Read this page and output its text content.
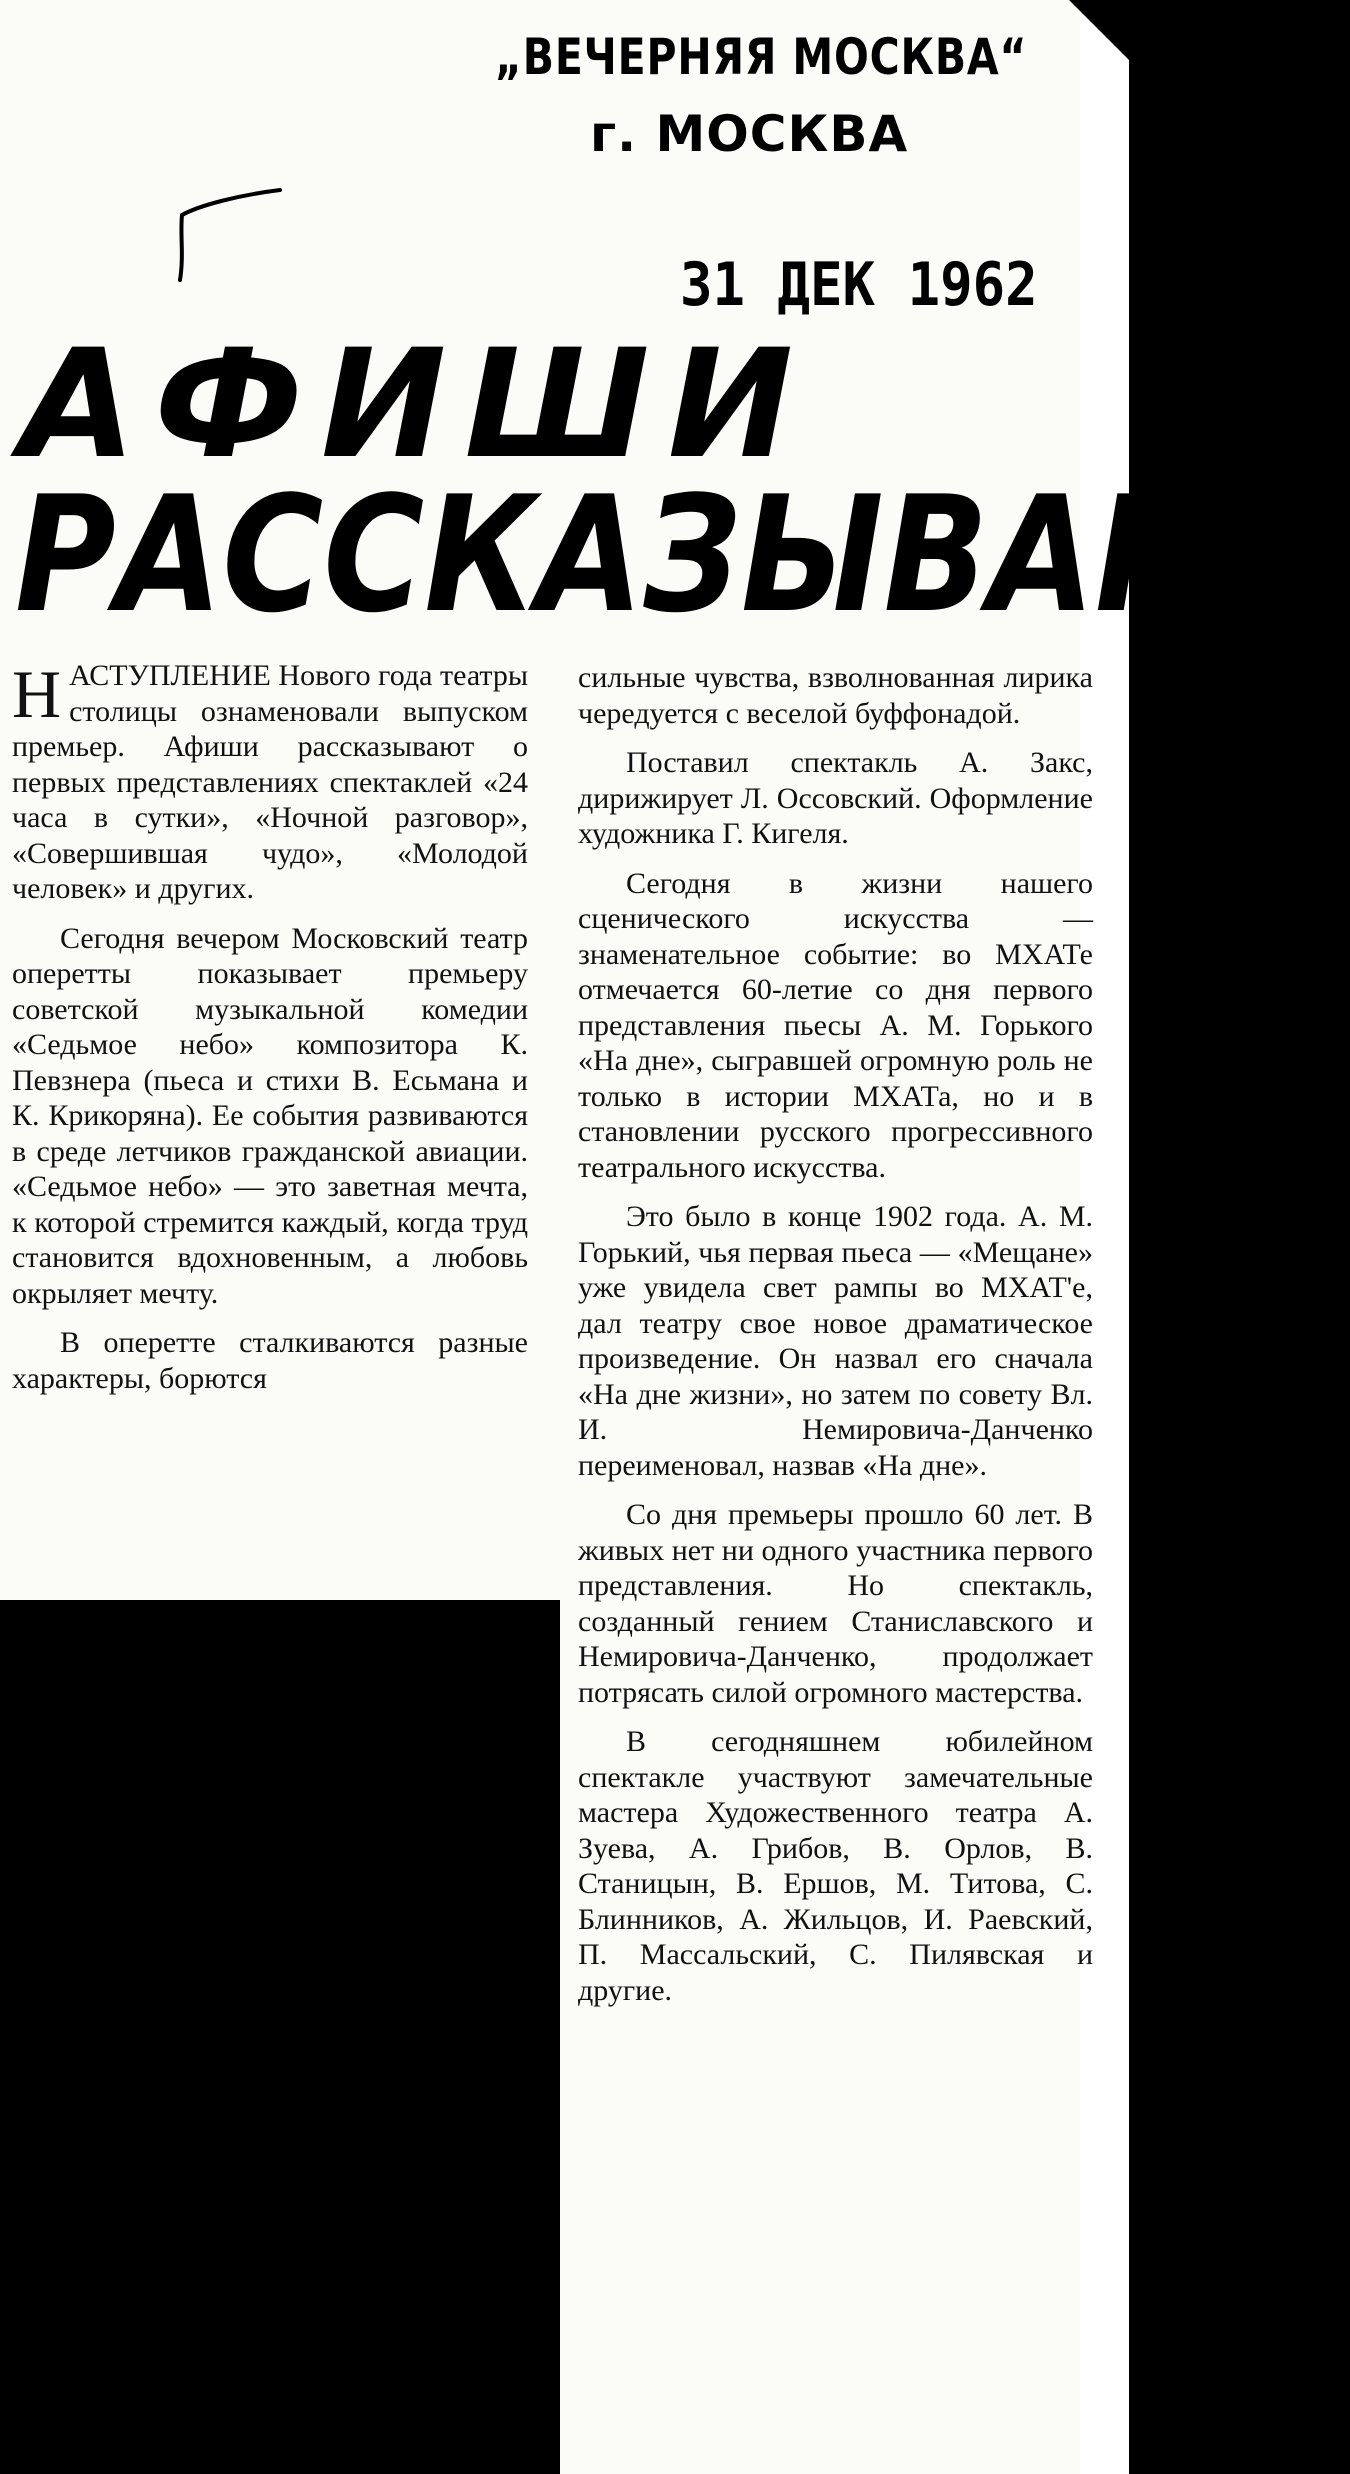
„ВЕЧЕРНЯЯ МОСКВА“
г. МОСКВА
31 ДЕК 1962
АФИШИ
РАССКАЗЫВАЮТ

НАСТУПЛЕНИЕ Нового года театры столицы ознаменовали выпуском премьер. Афиши рассказывают о первых представлениях спектаклей «24 часа в сутки», «Ночной разговор», «Совершившая чудо», «Молодой человек» и других.

Сегодня вечером Московский театр оперетты показывает премьеру советской музыкальной комедии «Седьмое небо» композитора К. Певзнера (пьеса и стихи В. Есьмана и К. Крикоряна). Ее события развиваются в среде летчиков гражданской авиации. «Седьмое небо» — это заветная мечта, к которой стремится каждый, когда труд становится вдохновенным, а любовь окрыляет мечту.

В оперетте сталкиваются разные характеры, борются

сильные чувства, взволнованная лирика чередуется с веселой буффонадой.

Поставил спектакль А. Закс, дирижирует Л. Оссовский. Оформление художника Г. Кигеля.

Сегодня в жизни нашего сценического искусства — знаменательное событие: во МХАТе отмечается 60-летие со дня первого представления пьесы А. М. Горького «На дне», сыгравшей огромную роль не только в истории МХАТа, но и в становлении русского прогрессивного театрального искусства.

Это было в конце 1902 года. А. М. Горький, чья первая пьеса — «Мещане» уже увидела свет рампы во МХАТ'е, дал театру свое новое драматическое произведение. Он назвал его сначала «На дне жизни», но затем по совету Вл. И. Немировича-Данченко переименовал, назвав «На дне».

Со дня премьеры прошло 60 лет. В живых нет ни одного участника первого представления. Но спектакль, созданный гением Станиславского и Немировича-Данченко, продолжает потрясать силой огромного мастерства.

В сегодняшнем юбилейном спектакле участвуют замечательные мастера Художественного театра А. Зуева, А. Грибов, В. Орлов, В. Станицын, В. Ершов, М. Титова, С. Блинников, А. Жильцов, И. Раевский, П. Массальский, С. Пилявская и другие.
